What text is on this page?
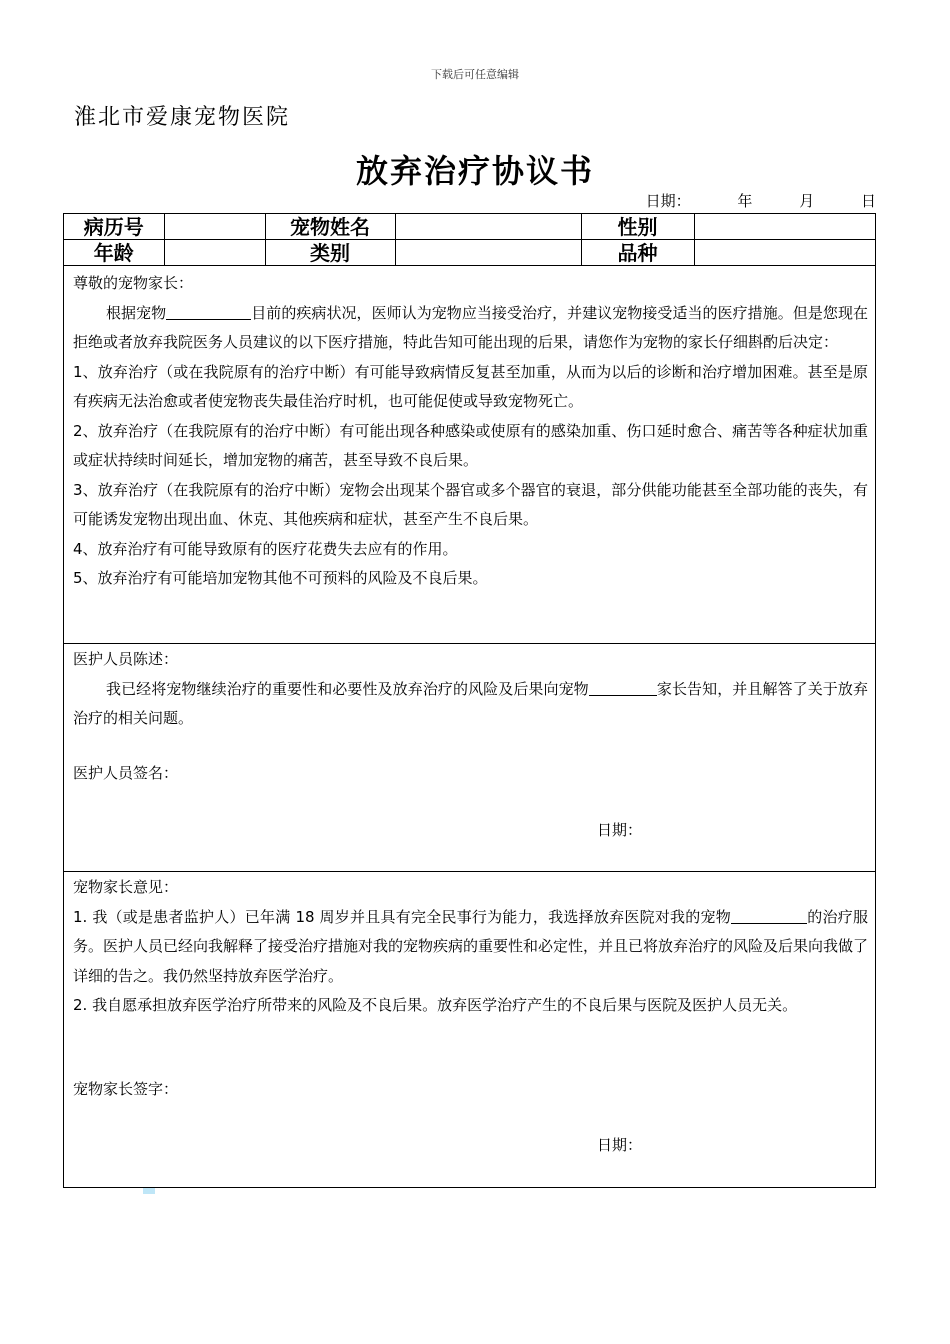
下载后可任意编辑
淮北市爱康宠物医院
放弃治疗协议书
日期：	年	月	日
病历号		宠物姓名		性别	
年龄		类别		品种	

尊敬的宠物家长：

根据宠物	目前的疾病状况，医师认为宠物应当接受治疗，并建议宠物接受适当的医疗措施。但是您现在拒绝或者放弃我院医务人员建议的以下医疗措施，特此告知可能出现的后果，请您作为宠物的家长仔细斟酌后决定：

1、放弃治疗（或在我院原有的治疗中断）有可能导致病情反复甚至加重，从而为以后的诊断和治疗增加困难。甚至是原有疾病无法治愈或者使宠物丧失最佳治疗时机，也可能促使或导致宠物死亡。

2、放弃治疗（在我院原有的治疗中断）有可能出现各种感染或使原有的感染加重、伤口延时愈合、痛苦等各种症状加重或症状持续时间延长，增加宠物的痛苦，甚至导致不良后果。

3、放弃治疗（在我院原有的治疗中断）宠物会出现某个器官或多个器官的衰退，部分供能功能甚至全部功能的丧失，有可能诱发宠物出现出血、休克、其他疾病和症状，甚至产生不良后果。

4、放弃治疗有可能导致原有的医疗花费失去应有的作用。

5、放弃治疗有可能培加宠物其他不可预料的风险及不良后果。

医护人员陈述：

我已经将宠物继续治疗的重要性和必要性及放弃治疗的风险及后果向宠物	家长告知，并且解答了关于放弃治疗的相关问题。

医护人员签名：
日期：

宠物家长意见：

1. 我（或是患者监护人）已年满 18 周岁并且具有完全民事行为能力，我选择放弃医院对我的宠物	的治疗服务。医护人员已经向我解释了接受治疗措施对我的宠物疾病的重要性和必定性，并且已将放弃治疗的风险及后果向我做了详细的告之。我仍然坚持放弃医学治疗。

2. 我自愿承担放弃医学治疗所带来的风险及不良后果。放弃医学治疗产生的不良后果与医院及医护人员无关。

宠物家长签字：
日期：
